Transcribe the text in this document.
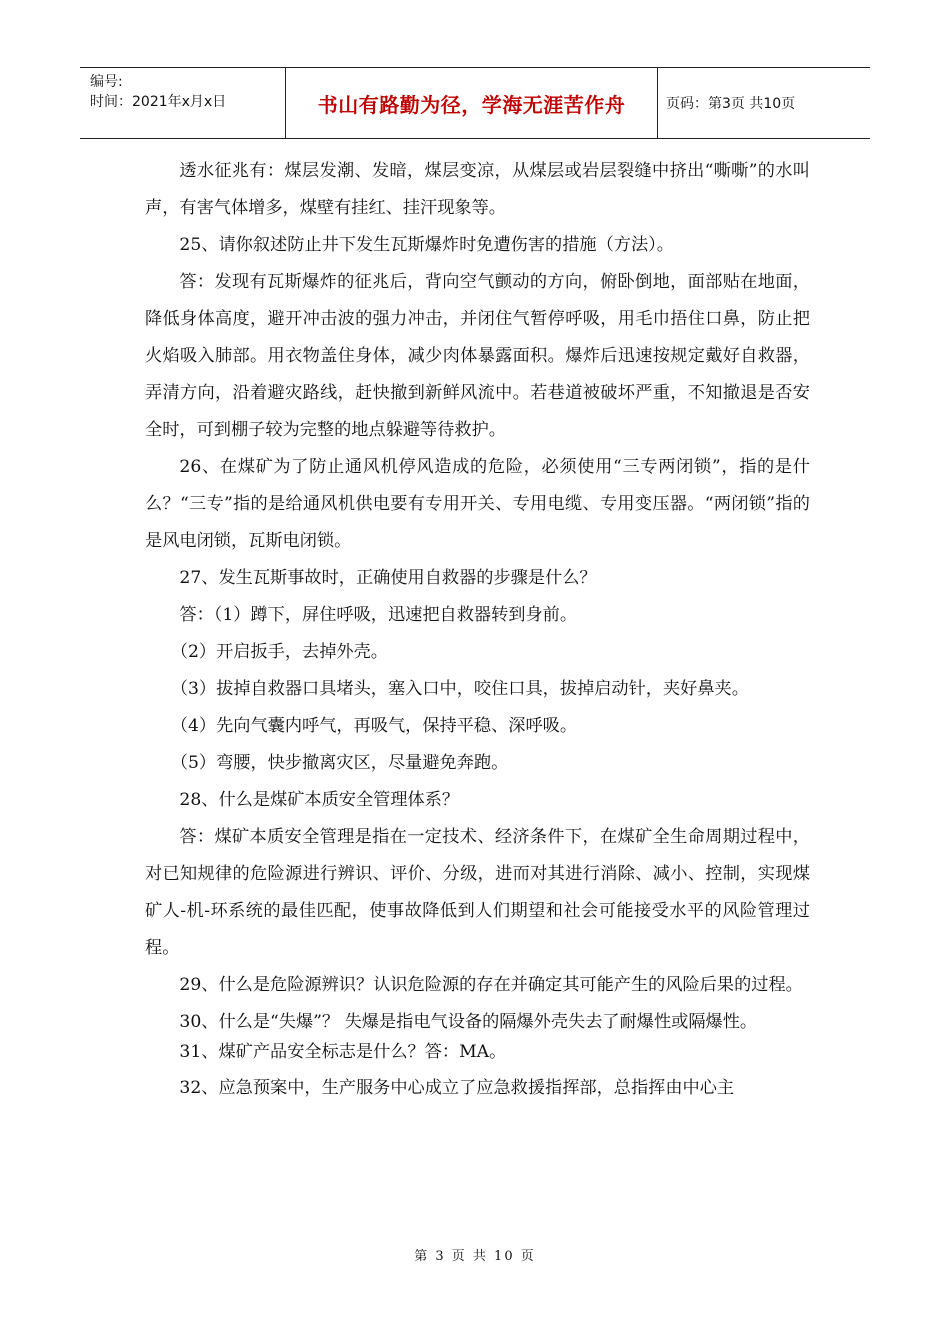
编号:
时间：2021年x月x日	书山有路勤为径，学海无涯苦作舟	页码：第3页 共10页

透水征兆有：煤层发潮、发暗，煤层变凉，从煤层或岩层裂缝中挤出“嘶嘶”的水叫声，有害气体增多，煤壁有挂红、挂汗现象等。

25、请你叙述防止井下发生瓦斯爆炸时免遭伤害的措施（方法）。

答：发现有瓦斯爆炸的征兆后，背向空气颤动的方向，俯卧倒地，面部贴在地面，降低身体高度，避开冲击波的强力冲击，并闭住气暂停呼吸，用毛巾捂住口鼻，防止把火焰吸入肺部。用衣物盖住身体，减少肉体暴露面积。爆炸后迅速按规定戴好自救器，弄清方向，沿着避灾路线，赶快撤到新鲜风流中。若巷道被破坏严重，不知撤退是否安全时，可到棚子较为完整的地点躲避等待救护。

26、在煤矿为了防止通风机停风造成的危险，必须使用“三专两闭锁”，指的是什么？“三专”指的是给通风机供电要有专用开关、专用电缆、专用变压器。“两闭锁”指的是风电闭锁，瓦斯电闭锁。

27、发生瓦斯事故时，正确使用自救器的步骤是什么？

答：（1）蹲下，屏住呼吸，迅速把自救器转到身前。

（2）开启扳手，去掉外壳。

（3）拔掉自救器口具堵头，塞入口中，咬住口具，拔掉启动针，夹好鼻夹。

（4）先向气囊内呼气，再吸气，保持平稳、深呼吸。

（5）弯腰，快步撤离灾区，尽量避免奔跑。

28、什么是煤矿本质安全管理体系？

答：煤矿本质安全管理是指在一定技术、经济条件下，在煤矿全生命周期过程中，对已知规律的危险源进行辨识、评价、分级，进而对其进行消除、减小、控制，实现煤矿人-机-环系统的最佳匹配，使事故降低到人们期望和社会可能接受水平的风险管理过程。

29、什么是危险源辨识？认识危险源的存在并确定其可能产生的风险后果的过程。

30、什么是“失爆”？ 失爆是指电气设备的隔爆外壳失去了耐爆性或隔爆性。

31、煤矿产品安全标志是什么？答：MA。

32、应急预案中，生产服务中心成立了应急救援指挥部，总指挥由中心主

第 3 页 共 10 页
